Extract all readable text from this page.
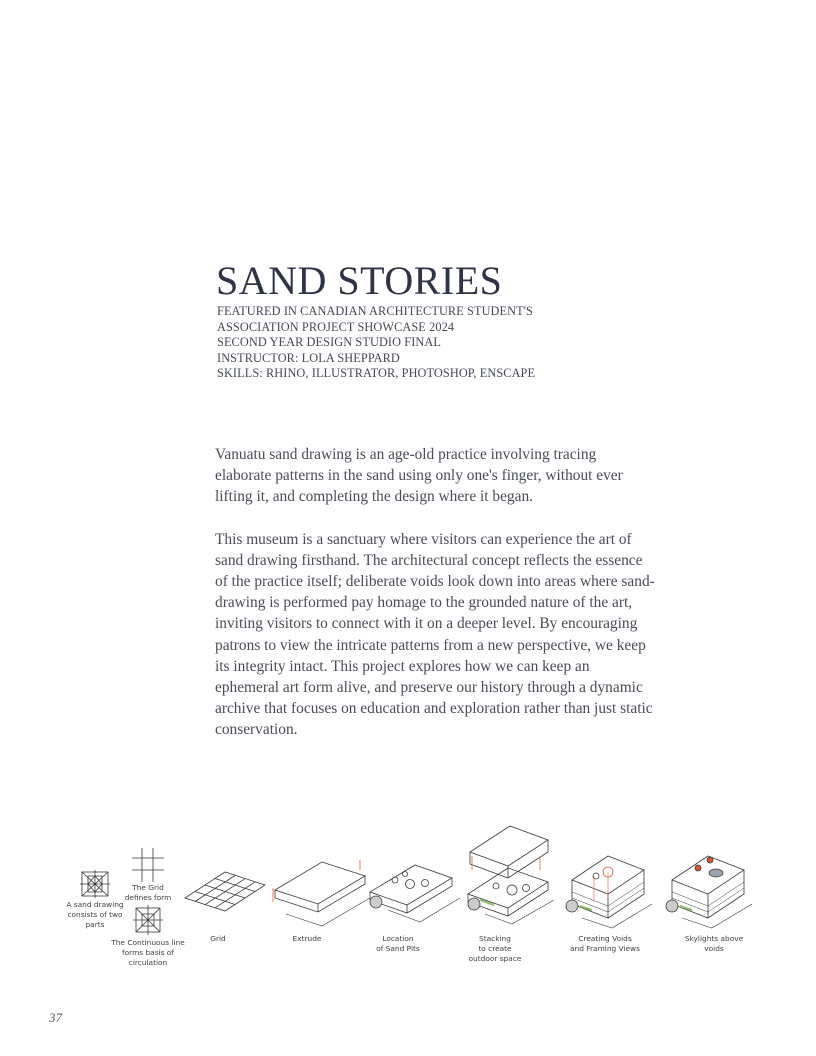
SAND STORIES
FEATURED IN CANADIAN ARCHITECTURE STUDENT'S
ASSOCIATION PROJECT SHOWCASE 2024
SECOND YEAR DESIGN STUDIO FINAL
INSTRUCTOR: LOLA SHEPPARD
SKILLS: RHINO, ILLUSTRATOR, PHOTOSHOP, ENSCAPE

Vanuatu sand drawing is an age-old practice involving tracing elaborate patterns in the sand using only one's finger, without ever lifting it, and completing the design where it began.

This museum is a sanctuary where visitors can experience the art of sand drawing firsthand. The architectural concept reflects the essence of the practice itself; deliberate voids look down into areas where sand-drawing is performed pay homage to the grounded nature of the art, inviting visitors to connect with it on a deeper level. By encouraging patrons to view the intricate patterns from a new perspective, we keep its integrity intact. This project explores how we can keep an ephemeral art form alive, and preserve our history through a dynamic archive that focuses on education and exploration rather than just static conservation.

A sand drawing
consists of two
parts
The Grid
defines form
The Continuous line
forms basis of
circulation
Grid	Extrude	Location
of Sand Pits
Stacking
to create
outdoor space
Creating Voids
and Framing Views
Skylights above
voids
37
